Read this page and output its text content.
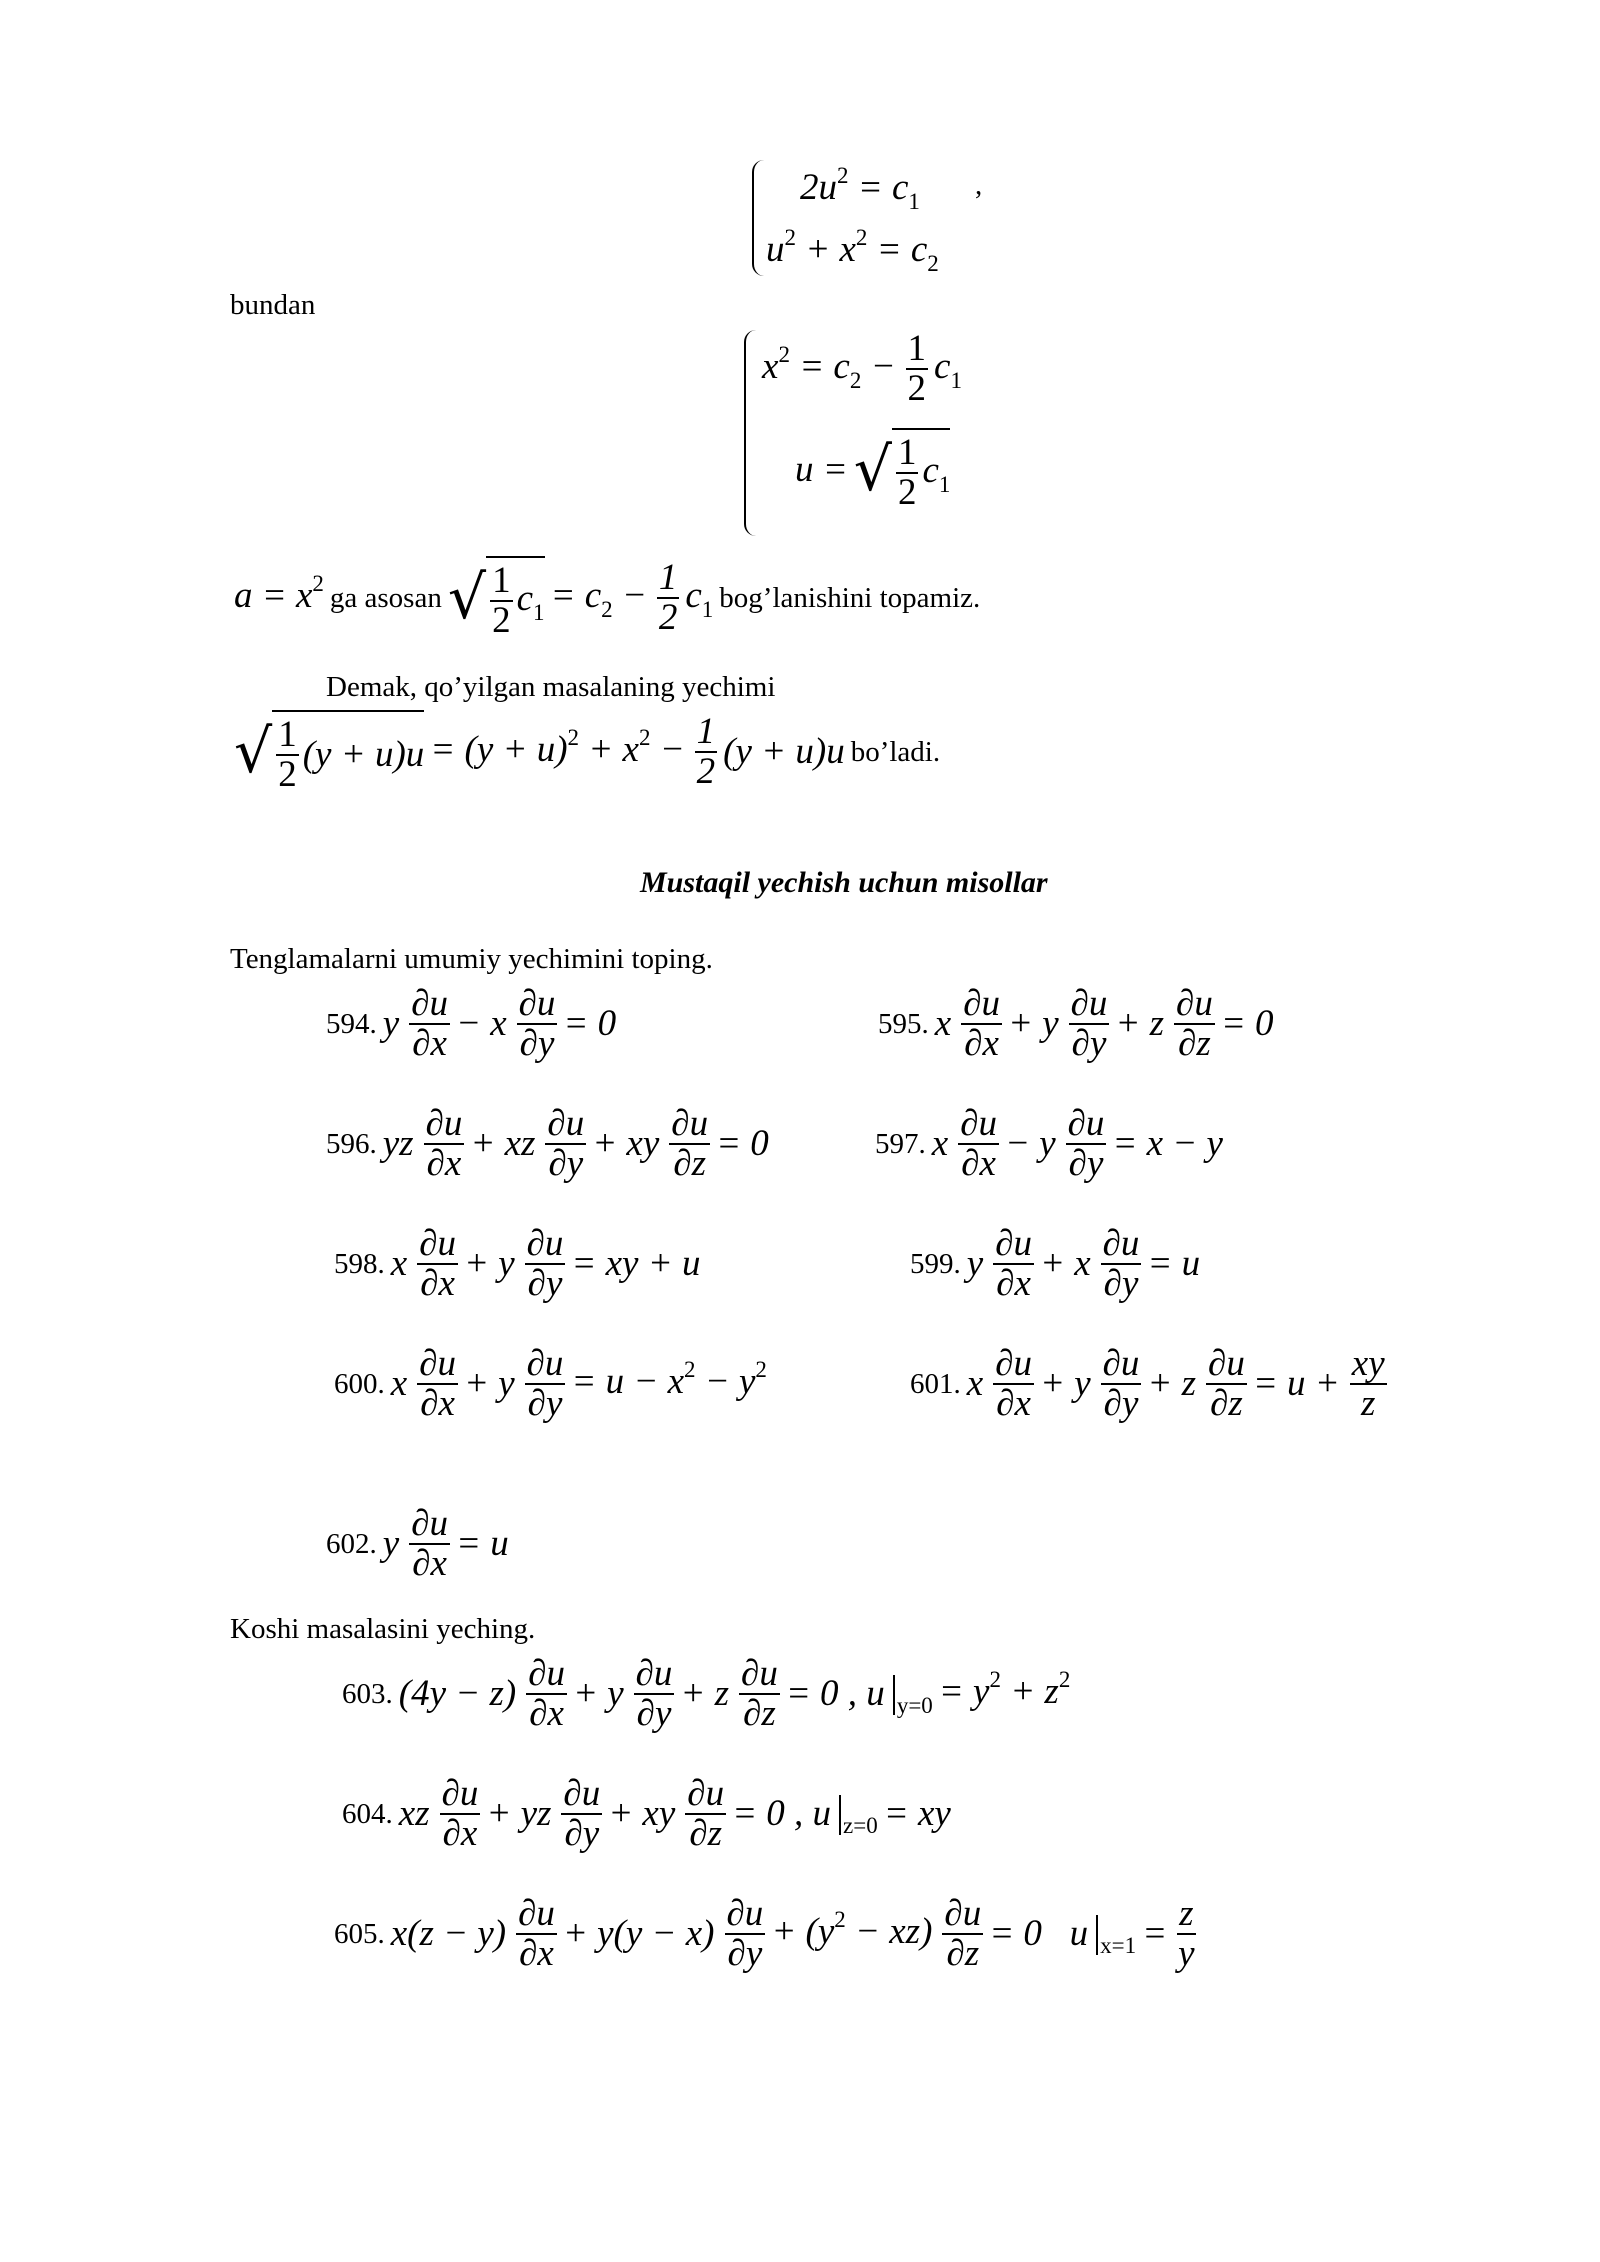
$2u^2 = c_1$
,
$u^2 + x^2 = c_2$
bundan
$x^2 = c_2 - \frac{1}{2} c_1$
u = √ $\frac{1}{2} c_1$
$a = x^2$ ga asosan √ $\frac{1}{2} c_1 = c_2 - \frac{1}{2} c_1$ bog’lanishini topamiz.
Demak, qo’yilgan masalaning yechimi
√ $\frac{1}{2} (y + u)u = (y + u)^2 + x^2 - \frac{1}{2} (y + u)u$ bo’ladi.
Mustaqil yechish uchun misollar
Tenglamalarni umumiy yechimini toping.
594. y $\frac{\partial u}{\partial x} - x \frac{\partial u}{\partial y} = 0$	595. x $\frac{\partial u}{\partial x} + y \frac{\partial u}{\partial y} + z \frac{\partial u}{\partial z} = 0$
596. yz $\frac{\partial u}{\partial x}$ + xz $\frac{\partial u}{\partial y}$ + xy $\frac{\partial u}{\partial z} = 0$	597. x $\frac{\partial u}{\partial x} - y \frac{\partial u}{\partial y} = x - y$
598. x $\frac{\partial u}{\partial x} + y \frac{\partial u}{\partial y}$ = xy + u	599. y $\frac{\partial u}{\partial x} + x \frac{\partial u}{\partial y} = u$
600. x $\frac{\partial u}{\partial x} + y \frac{\partial u}{\partial y} = u - x^2 - y^2$	601. x $\frac{\partial u}{\partial x} + y \frac{\partial u}{\partial y} + z \frac{\partial u}{\partial z} = u + \frac{xy}{z}$
602. y $\frac{\partial u}{\partial x} = u$
Koshi masalasini yeching.
603. $(4y - z) \frac{\partial u}{\partial x} + y \frac{\partial u}{\partial y} + z \frac{\partial u}{\partial z} = 0$ , u $_{y=0} = y^2 + z^2$
604. xz $\frac{\partial u}{\partial x}$ + yz $\frac{\partial u}{\partial y}$ + xy $\frac{\partial u}{\partial z} = 0$ , u $_{z=0}$ = xy
605. $x(z - y) \frac{\partial u}{\partial x} + y(y - x) \frac{\partial u}{\partial y} + (y^2 - xz) \frac{\partial u}{\partial z} = 0$   u $_{x=1} = \frac{z}{y}$
